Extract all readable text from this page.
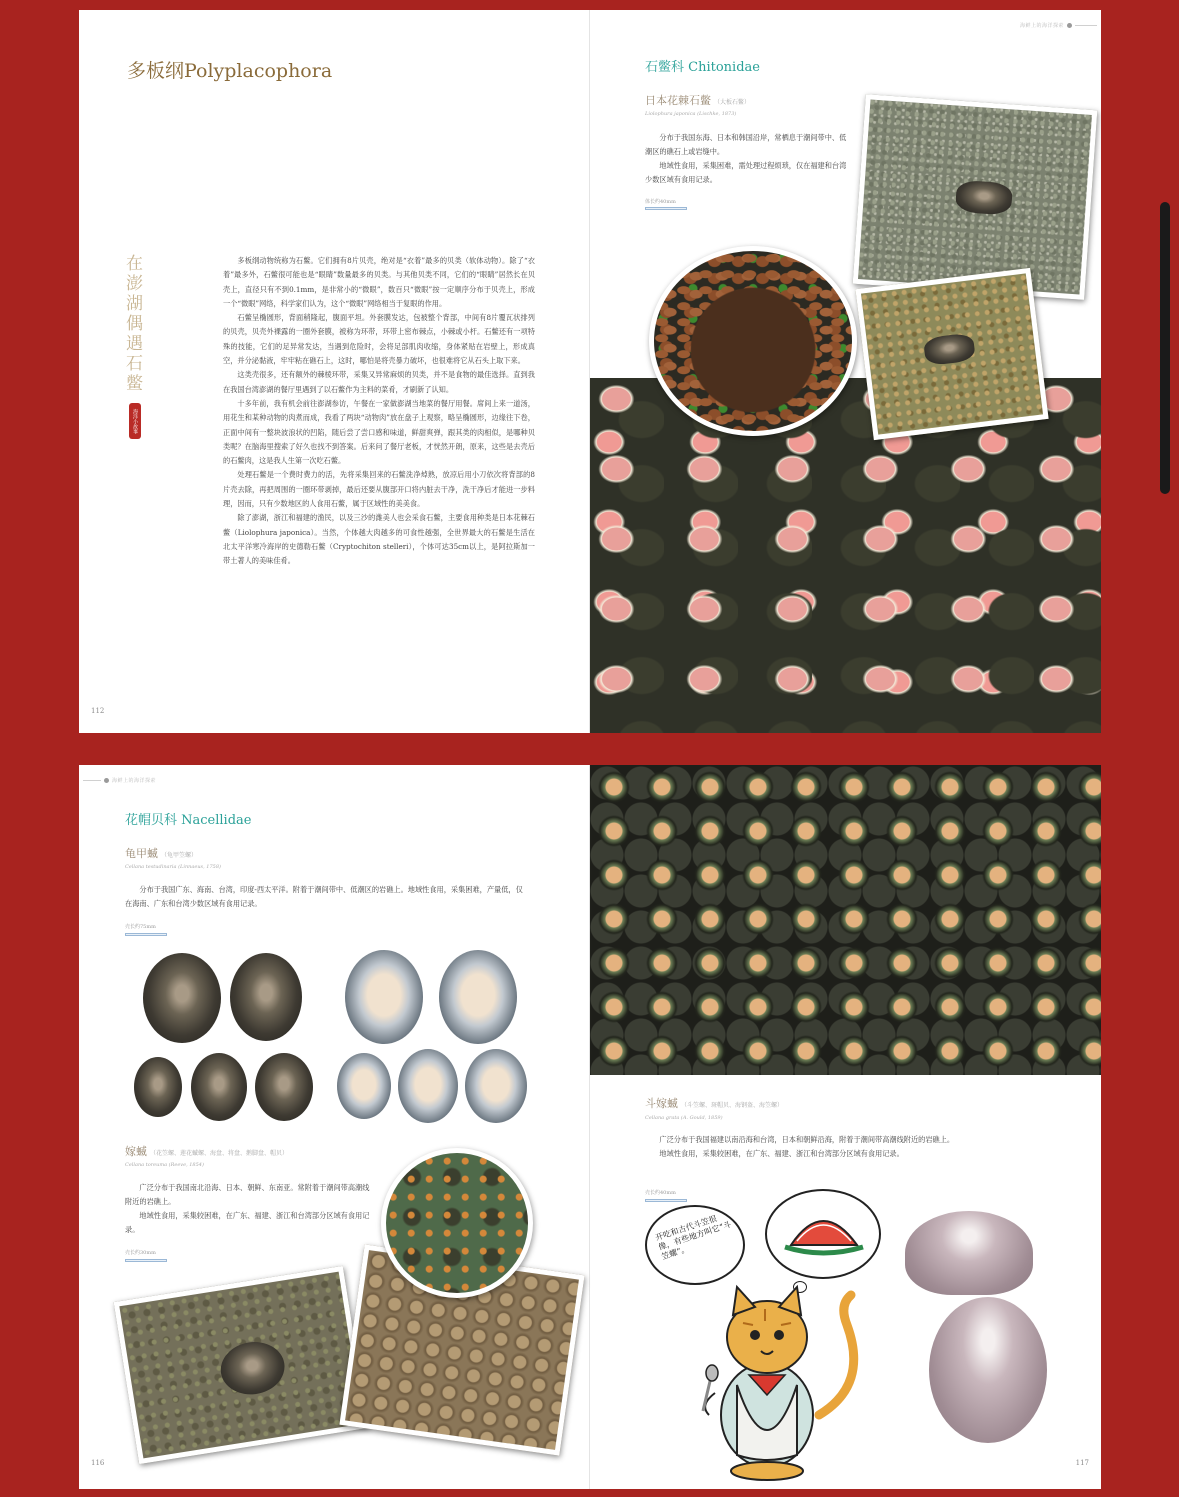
海鲜上的海洋探索
多板纲Polyplacophora
在澎湖偶遇石鳖
海洋小故事

多板纲动物统称为石鳖。它们拥有8片贝壳，绝对是“衣着”最多的贝类（软体动物）。除了“衣着”最多外，石鳖很可能也是“眼睛”数量最多的贝类。与其他贝类不同，它们的“眼睛”居然长在贝壳上，直径只有不到0.1mm，是非常小的“微眼”，数百只“微眼”按一定顺序分布于贝壳上，形成一个“微眼”网络，科学家们认为，这个“微眼”网络相当于复眼的作用。

石鳖呈椭圆形，背面稍隆起，腹面平坦。外套膜发达，包被整个背部，中间有8片覆瓦状排列的贝壳，贝壳外裸露的一圈外套膜，被称为环带，环带上密布棘点，小棘或小杆。石鳖还有一项特殊的技能，它们的足异常发达，当遇到危险时，会将足部肌肉收缩，身体紧贴在岩壁上，形成真空，并分泌黏液，牢牢粘在礁石上，这时，哪怕是将壳暴力破坏，也很难将它从石头上取下来。

这类壳很多，还有额外的棘棱环带，采集又异常麻烦的贝类，并不是食物的最佳选择。直到我在我国台湾澎湖的餐厅里遇到了以石鳖作为主料的菜肴，才刷新了认知。

十多年前，我有机会前往澎湖参访，午餐在一家做澎湖当地菜的餐厅用餐。席间上来一道汤，用花生和某种动物的肉煮而成，我看了两块“动物肉”放在盘子上观察，略呈椭圆形，边缘往下卷，正面中间有一整块波浪状的凹陷，随后尝了尝口感和味道，鲜甜爽弹，跟其类的肉相似，是哪种贝类呢？在脑海里搜索了好久也找不到答案。后来问了餐厅老板，才恍然开朗，原来，这些是去壳后的石鳖肉，这是我人生第一次吃石鳖。

处理石鳖是一个费时费力的活，先将采集回来的石鳖洗净焯熟，放凉后用小刀依次将背部的8片壳去除，再把周围的一圈环带剥掉，最后还要从腹部开口将内脏去干净，洗干净后才能进一步料理，因而，只有少数地区的人食用石鳖，属于区域性的美美食。

除了澎湖，浙江和福建的渔民，以及三沙的潍美人也会采食石鳖，主要食用种类是日本花棘石鳖（Liolophura japonica）。当然，个体越大肉越多的可食性越强，全世界最大的石鳖是生活在北太平洋寒冷海岸的史德勒石鳖（Cryptochiton stelleri），个体可达35cm以上，是阿拉斯加一带土著人的美味佳肴。

112
石鳖科 Chitonidae
日本花棘石鳖 （大板石鳖）
Liolophura japonica (Lischke, 1873)

分布于我国东海、日本和韩国沿岸，常栖息于潮间带中、低潮区的礁石上或岩缝中。

地域性食用，采集困难，需处理过程烦琐，仅在福建和台湾少数区域有食用记录。

体长约40mm
海鲜上的海洋探索
花帽贝科 Nacellidae
龟甲蝛 （龟甲笠螺）
Cellana testudinaria (Linnaeus, 1758)

分布于我国广东、海南、台湾，印度-西太平洋。附着于潮间带中、低潮区的岩礁上。地域性食用，采集困难，产量低，仅在海南、广东和台湾少数区域有食用记录。

壳长约75mm
嫁蝛 （花笠螺、莲花蝛螺、海盘、将盘、鹅脚盘、帽贝）
Cellana toreuma (Reeve, 1854)

广泛分布于我国南北沿海、日本、朝鲜、东南亚。常附着于潮间带高潮线附近的岩礁上。

地域性食用，采集较困难，在广东、福建、浙江和台湾部分区域有食用记录。

壳长约30mm
116
斗嫁蝛 （斗笠螺、斑帽贝、海钢盔、海笠螺）
Cellana grata (A. Gould, 1859)

广泛分布于我国福建以南沿海和台湾，日本和朝鲜沿海，附着于潮间带高潮线附近的岩礁上。

地域性食用，采集较困难，在广东、福建、浙江和台湾部分区域有食用记录。

壳长约40mm
开吃和古代斗笠很像，有些地方叫它“斗笠螺”。
117
